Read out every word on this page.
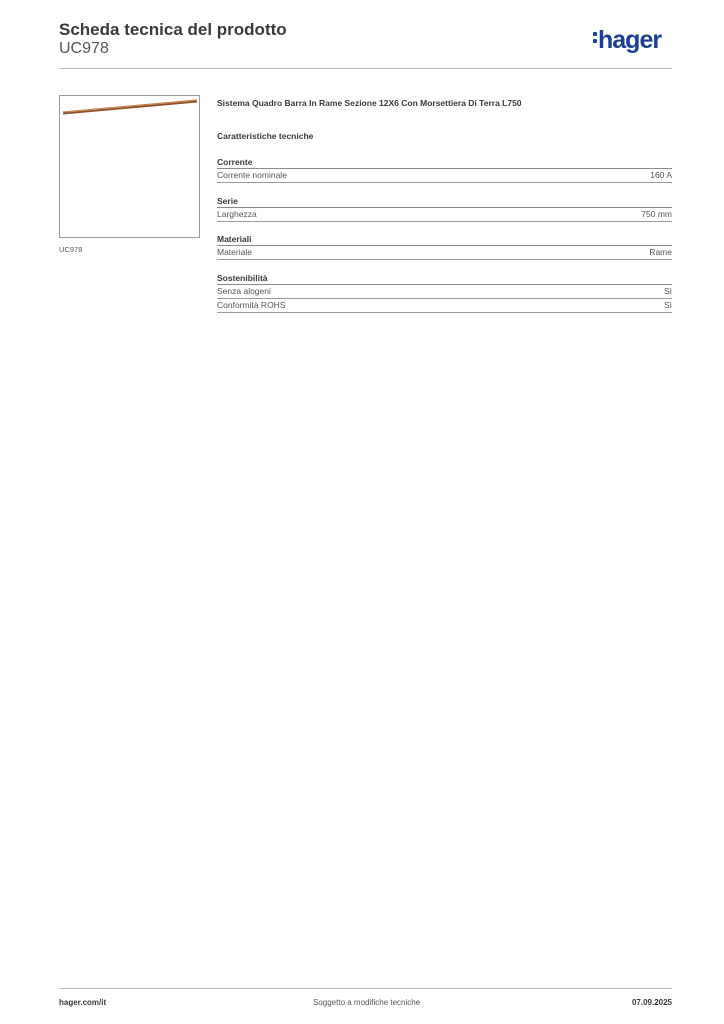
Scheda tecnica del prodotto
UC978	hager
UC978
Sistema Quadro Barra In Rame Sezione 12X6 Con Morsettiera Di Terra L750
Caratteristiche tecniche
Corrente
Corrente nominale	160 A
Serie
Larghezza	750 mm
Materiali
Materiale	Rame
Sostenibilità
Senza alogeni	Sì
Conformità ROHS	Sì
hager.com/it	Soggetto a modifiche tecniche	07.09.2025
